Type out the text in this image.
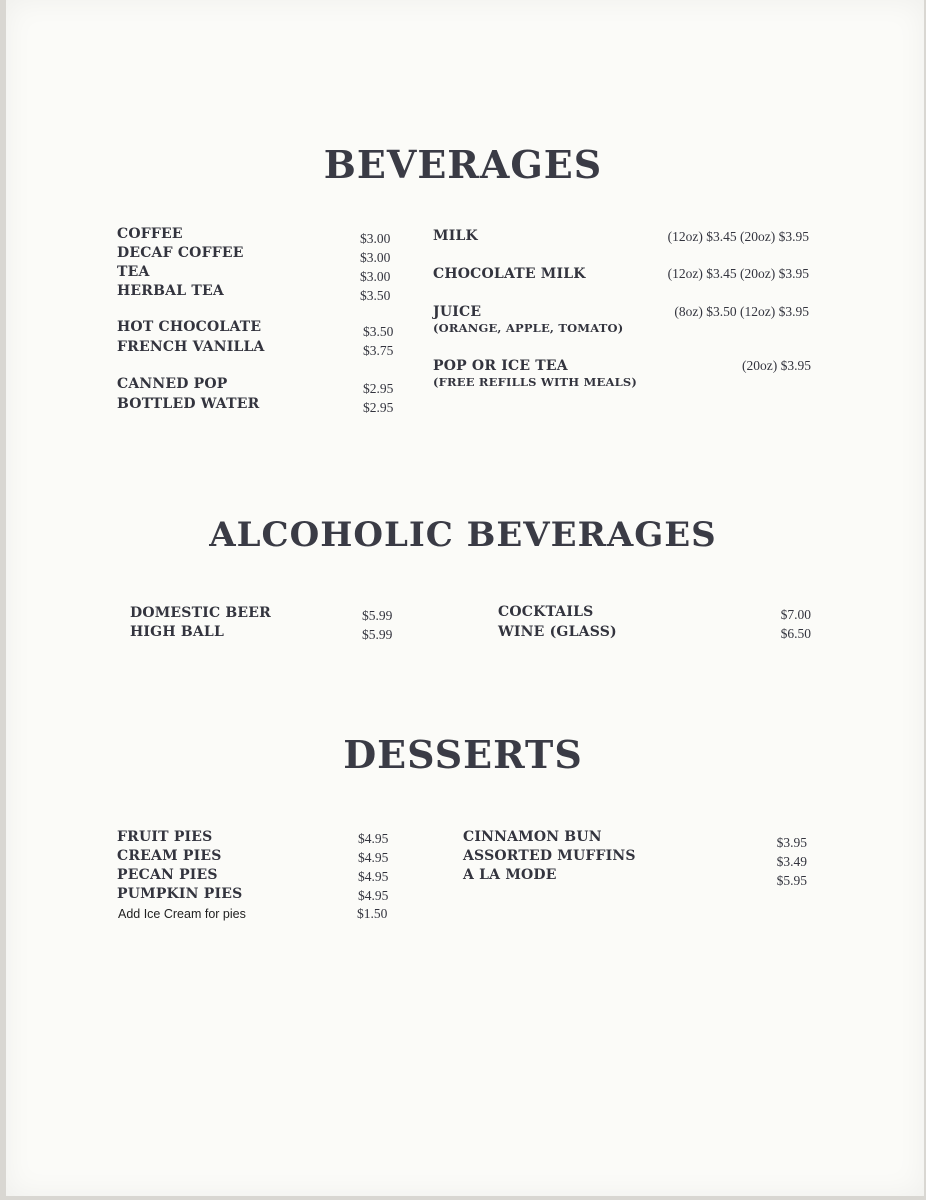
BEVERAGES
COFFEE	$3.00
DECAF COFFEE	$3.00
TEA	$3.00
HERBAL TEA	$3.50
HOT CHOCOLATE	$3.50
FRENCH VANILLA	$3.75
CANNED POP	$2.95
BOTTLED WATER	$2.95
MILK	(12oz) $3.45 (20oz) $3.95
CHOCOLATE MILK	(12oz) $3.45 (20oz) $3.95
JUICE
(ORANGE, APPLE, TOMATO)
(8oz) $3.50 (12oz) $3.95
POP OR ICE TEA
(FREE REFILLS WITH MEALS)
(20oz) $3.95
ALCOHOLIC BEVERAGES
DOMESTIC BEER	$5.99
HIGH BALL	$5.99
COCKTAILS	$7.00
WINE (GLASS)	$6.50
DESSERTS
FRUIT PIES	$4.95
CREAM PIES	$4.95
PECAN PIES	$4.95
PUMPKIN PIES	$4.95
Add Ice Cream for pies	$1.50
CINNAMON BUN	$3.95
ASSORTED MUFFINS	$3.49
A LA MODE	$5.95
